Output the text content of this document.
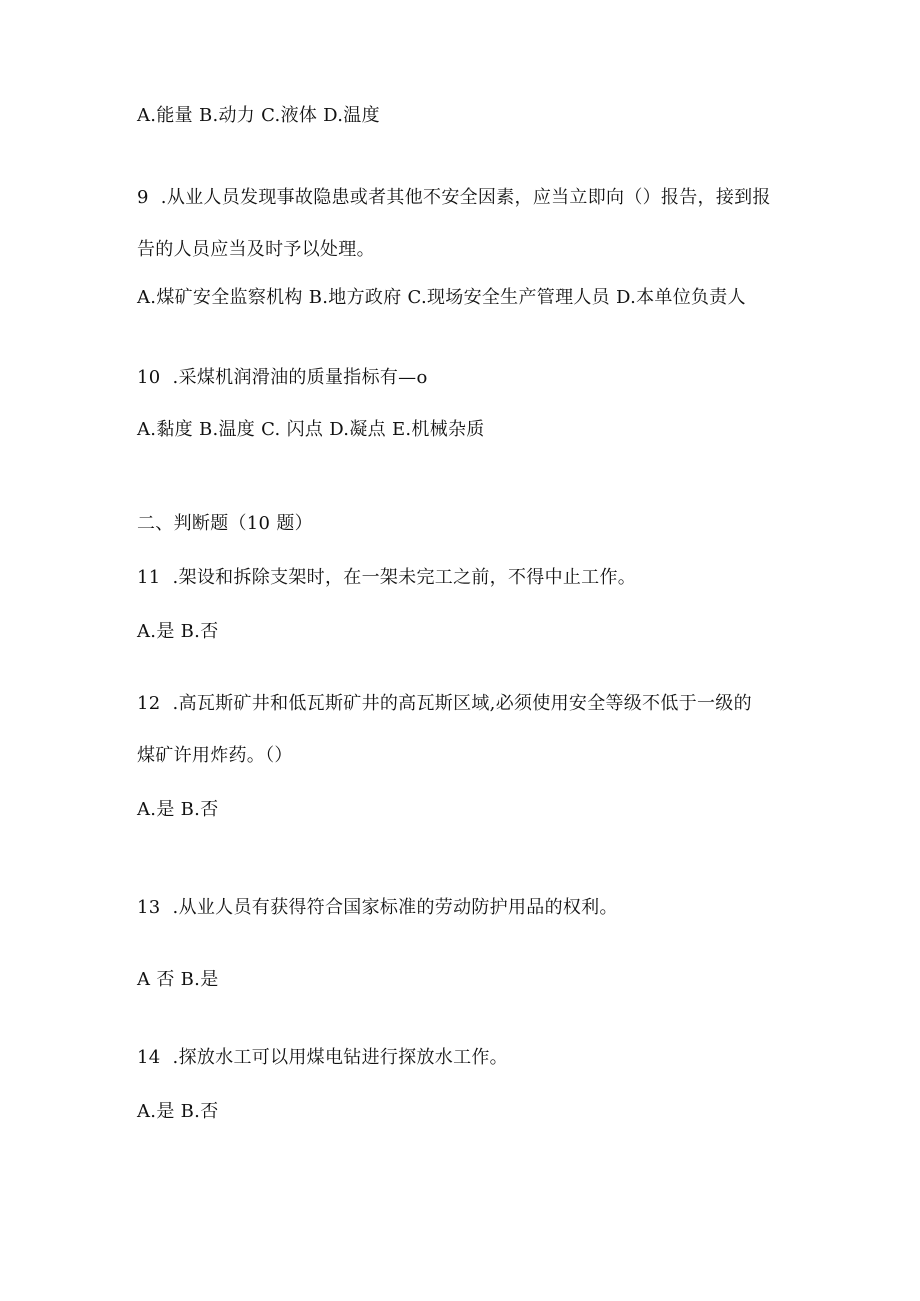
A.能量 B.动力 C.液体 D.温度
9  .从业人员发现事故隐患或者其他不安全因素，应当立即向（）报告，接到报
告的人员应当及时予以处理。
A.煤矿安全监察机构 B.地方政府 C.现场安全生产管理人员 D.本单位负责人
10  .采煤机润滑油的质量指标有—o
A.黏度 B.温度 C. 闪点 D.凝点 E.机械杂质
二、判断题（10 题）
11  .架设和拆除支架时，在一架未完工之前，不得中止工作。
A.是 B.否
12  .高瓦斯矿井和低瓦斯矿井的高瓦斯区域,必须使用安全等级不低于一级的
煤矿许用炸药。（）
A.是 B.否
13  .从业人员有获得符合国家标准的劳动防护用品的权利。
A 否 B.是
14  .探放水工可以用煤电钻进行探放水工作。
A.是 B.否
